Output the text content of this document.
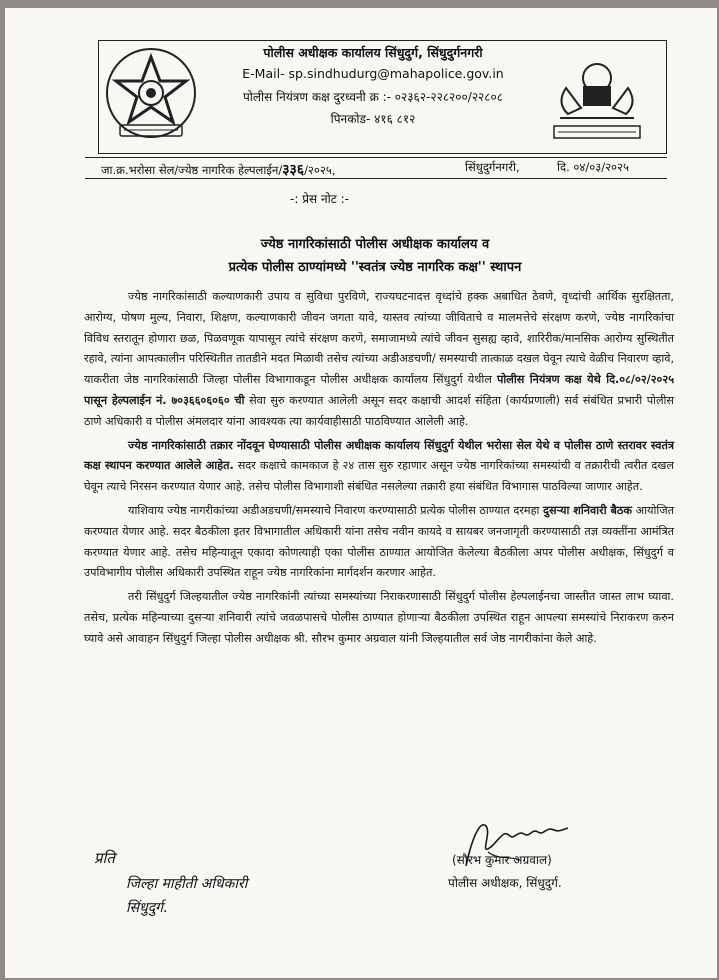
पोलीस अधीक्षक कार्यालय सिंधुदुर्ग, सिंधुदुर्गनगरी
E-Mail- sp.sindhudurg@mahapolice.gov.in
पोलीस नियंत्रण कक्ष दुरध्वनी क्र :- ०२३६२-२२८२००/२२८०८
पिनकोड- ४१६ ८१२
जा.क्र.भरोसा सेल/ज्येष्ठ नागरिक हेल्पलाईन/३३६/२०२५,	सिंधुदुर्गनगरी,	दि. ०४/०३/२०२५
-: प्रेस नोट :-
ज्येष्ठ नागरिकांसाठी पोलीस अधीक्षक कार्यालय व
प्रत्येक पोलीस ठाण्यांमध्ये ''स्वतंत्र ज्येष्ठ नागरिक कक्ष'' स्थापन

ज्येष्ठ नागरिकांसाठी कल्याणकारी उपाय व सुविधा पुरविणे, राज्यघटनादत्त वृध्दांचे हक्क अबाधित ठेवणे, वृध्दांची आर्थिक सुरक्षितता, आरोग्य, पोषण मुल्य, निवारा, शिक्षण, कल्याणकारी जीवन जगता यावे, यास्तव त्यांच्या जीविताचे व मालमत्तेचे संरक्षण करणे, ज्येष्ठ नागरिकांचा विविध स्तरातून होणारा छळ, पिळवणूक यापासून त्यांचे संरक्षण करणे, समाजामध्ये त्यांचे जीवन सुसह्य व्हावे, शारिरीक/मानसिक आरोग्य सुस्थितीत रहावे, त्यांना आपत्कालीन परिस्थितीत तातडीने मदत मिळावी तसेच त्यांच्या अडीअडचणी/ समस्याची तात्काळ दखल घेवून त्याचे वेळीच निवारण व्हावे, याकरीता जेष्ठ नागरिकांसाठी जिल्हा पोलीस विभागाकडून पोलीस अधीक्षक कार्यालय सिंधुदुर्ग येथील पोलीस नियंत्रण कक्ष येथे दि.०८/०२/२०२५ पासून हेल्पलाईन नं. ७०३६६०६०६० ची सेवा सुरु करण्यात आलेली असून सदर कक्षाची आदर्श संहिता (कार्यप्रणाली) सर्व संबंधित प्रभारी पोलीस ठाणे अधिकारी व पोलीस अंमलदार यांना आवश्यक त्या कार्यवाहीसाठी पाठविण्यात आलेली आहे.

ज्येष्ठ नागरिकांसाठी तक्रार नोंदवून घेण्यासाठी पोलीस अधीक्षक कार्यालय सिंधुदुर्ग येथील भरोसा सेल येथे व पोलीस ठाणे स्तरावर स्वतंत्र कक्ष स्थापन करण्यात आलेले आहेत. सदर कक्षाचे कामकाज हे २४ तास सुरु रहाणार असून ज्येष्ठ नागरिकांच्या समस्यांची व तक्रारीची त्वरीत दखल घेवून त्याचे निरसन करण्यात येणार आहे. तसेच पोलीस विभागाशी संबंधित नसलेल्या तक्रारी हया संबंधित विभागास पाठविल्या जाणार आहेत.

याशिवाय ज्येष्ठ नागरीकांच्या अडीअडचणी/समस्याचे निवारण करण्यासाठी प्रत्येक पोलीस ठाण्यात दरमहा दुसऱ्या शनिवारी बैठक आयोजित करण्यात येणार आहे. सदर बैठकीला इतर विभागातील अधिकारी यांना तसेच नवीन कायदे व सायबर जनजागृती करण्यासाठी तज्ञ व्यक्तींना आमंत्रित करण्यात येणार आहे. तसेच महिन्यातून एकादा कोणत्याही एका पोलीस ठाण्यात आयोजित केलेल्या बैठकीला अपर पोलीस अधीक्षक, सिंधुदुर्ग व उपविभागीय पोलीस अधिकारी उपस्थित राहून ज्येष्ठ नागरिकांना मार्गदर्शन करणार आहेत.

तरी सिंधुदुर्ग जिल्हयातील ज्येष्ठ नागरिकांनी त्यांच्या समस्यांच्या निराकरणासाठी सिंधुदुर्ग पोलीस हेल्पलाईनचा जास्तीत जास्त लाभ घ्यावा. तसेच, प्रत्येक महिन्याच्या दुसऱ्या शनिवारी त्यांचे जवळपासचे पोलीस ठाण्यात होणाऱ्या बैठकीला उपस्थित राहून आपल्या समस्यांचे निराकरण करुन घ्यावे असे आवाहन सिंधुदुर्ग जिल्हा पोलीस अधीक्षक श्री. सौरभ कुमार अग्रवाल यांनी जिल्हयातील सर्व जेष्ठ नागरीकांना केले आहे.

(सौरभ कुमार अग्रवाल)
पोलीस अधीक्षक, सिंधुदुर्ग.
प्रति
जिल्हा माहीती अधिकारी
सिंधुदुर्ग.
